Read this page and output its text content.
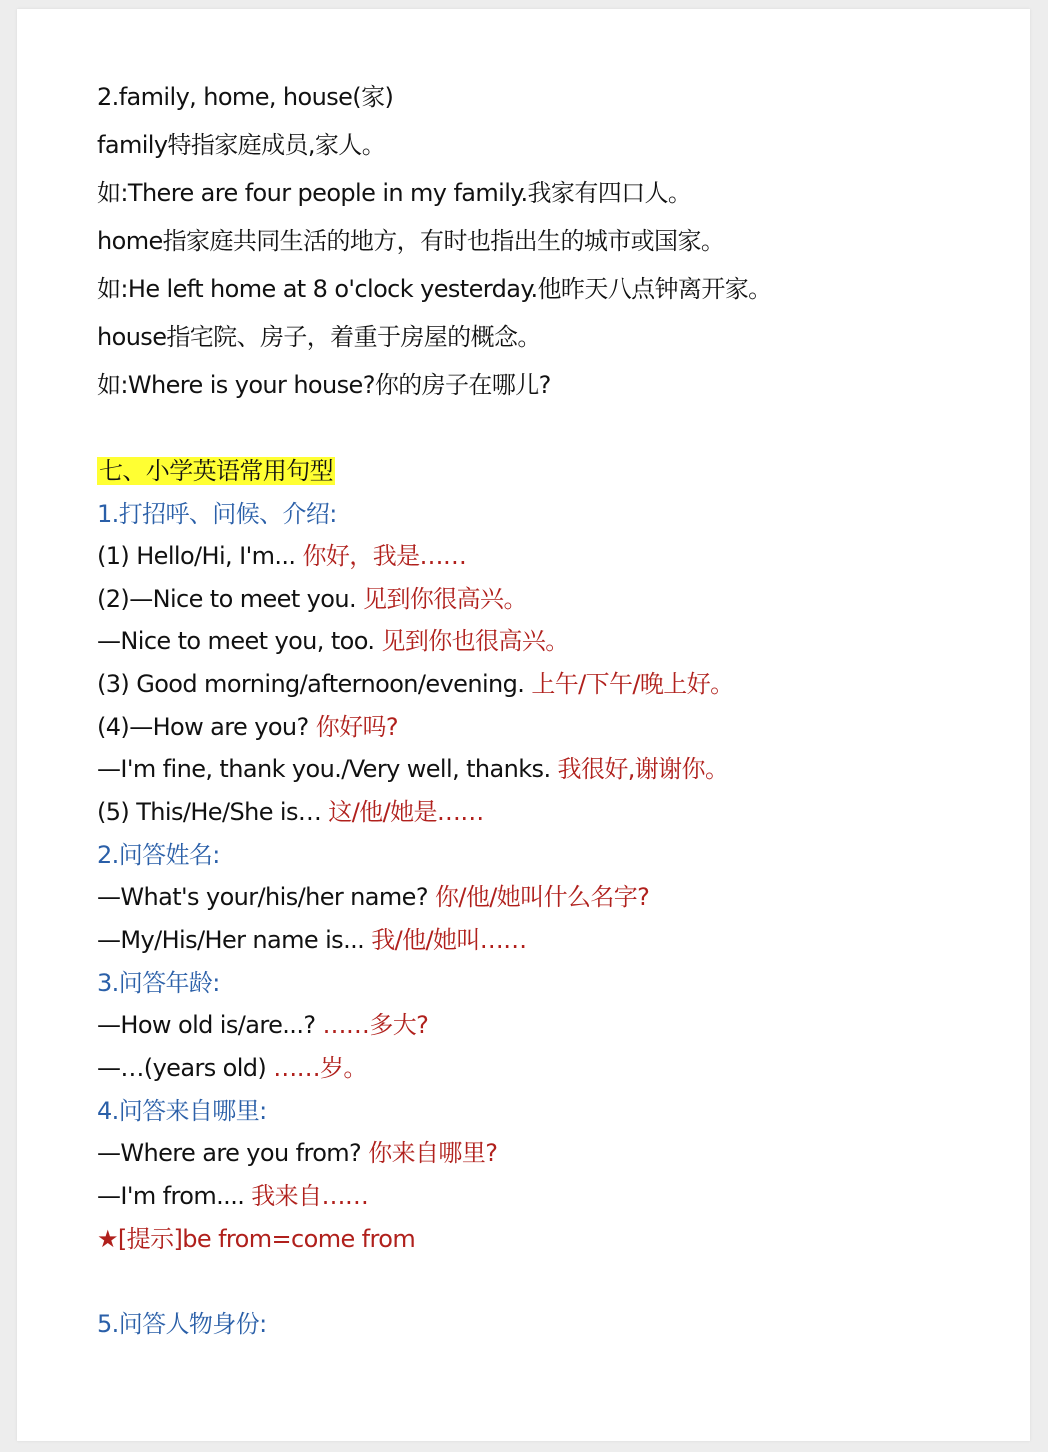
2.family, home, house(家)
family特指家庭成员,家人。
如:There are four people in my family.我家有四口人。
home指家庭共同生活的地方，有时也指出生的城市或国家。
如:He left home at 8 o'clock yesterday.他昨天八点钟离开家。
house指宅院、房子，着重于房屋的概念。
如:Where is your house?你的房子在哪儿?
七、小学英语常用句型
1.打招呼、问候、介绍:
(1) Hello/Hi, I'm... 你好，我是……
(2)—Nice to meet you. 见到你很高兴。
—Nice to meet you, too. 见到你也很高兴。
(3) Good morning/afternoon/evening. 上午/下午/晚上好。
(4)—How are you? 你好吗?
—I'm fine, thank you./Very well, thanks. 我很好,谢谢你。
(5) This/He/She is… 这/他/她是……
2.问答姓名:
—What's your/his/her name? 你/他/她叫什么名字?
—My/His/Her name is... 我/他/她叫……
3.问答年龄:
—How old is/are...? ……多大?
—…(years old) ……岁。
4.问答来自哪里:
—Where are you from? 你来自哪里?
—I'm from.... 我来自……
★[提示]be from=come from
5.问答人物身份:
